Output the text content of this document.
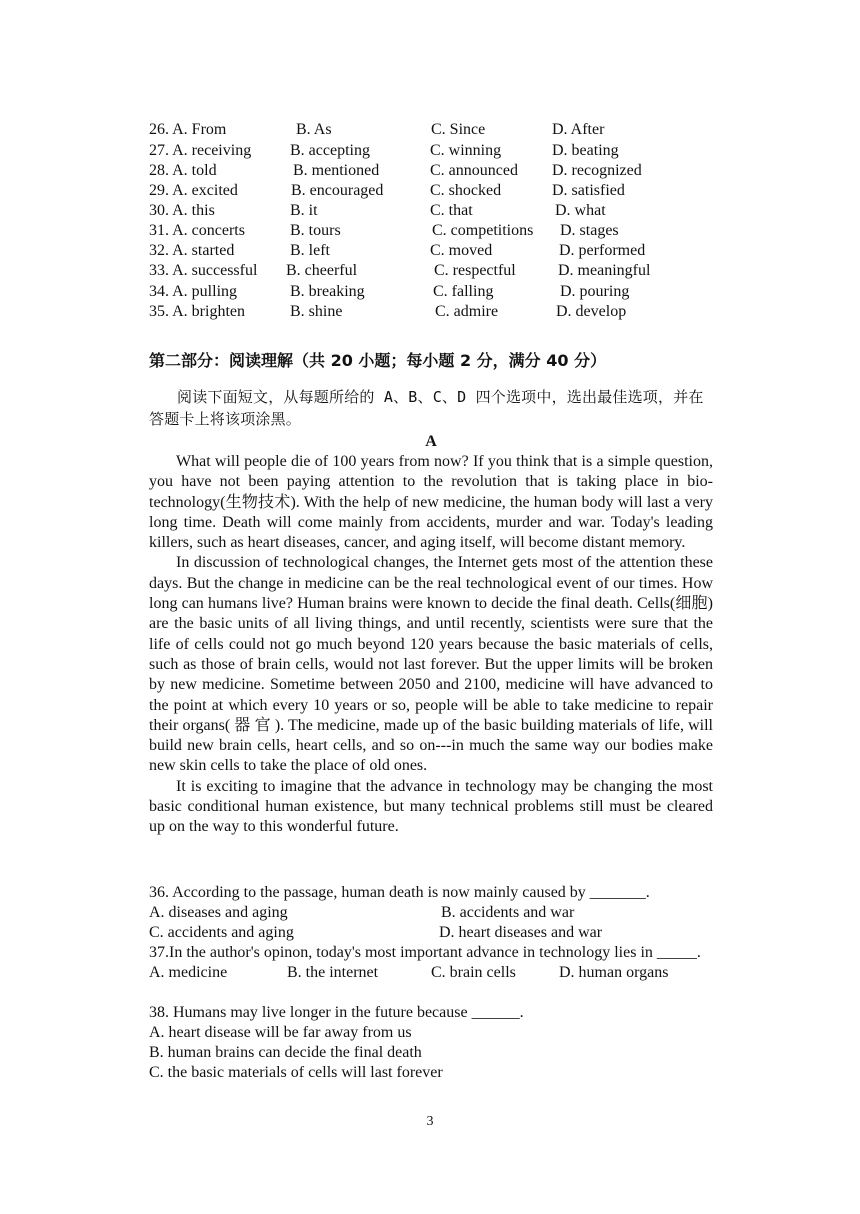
26. A. From	B. As	C. Since	D. After
27. A. receiving B. accepting	C. winning	D. beating
28. A. told	B. mentioned	C. announced D. recognized
29. A. excited	B. encouraged	C. shocked	D. satisfied
30. A. this	B. it	C. that	D. what
31. A. concerts	B. tours	C. competitions D. stages
32. A. started	B. left	C. moved	D. performed
33. A. successful B. cheerful	C. respectful	D. meaningful
34. A. pulling	B. breaking	C. falling	D. pouring
35. A. brighten	B. shine	C. admire	D. develop
第二部分：阅读理解（共 20 小题；每小题 2 分，满分 40 分）
阅读下面短文，从每题所给的 A、B、C、D 四个选项中，选出最佳选项，并在答题卡上将该项涂黑。
A

What will people die of 100 years from now? If you think that is a simple question, you have not been paying attention to the revolution that is taking place in bio-technology(生物技术). With the help of new medicine, the human body will last a very long time. Death will come mainly from accidents, murder and war. Today's leading killers, such as heart diseases, cancer, and aging itself, will become distant memory.

In discussion of technological changes, the Internet gets most of the attention these days. But the change in medicine can be the real technological event of our times. How long can humans live? Human brains were known to decide the final death. Cells(细胞) are the basic units of all living things, and until recently, scientists were sure that the life of cells could not go much beyond 120 years because the basic materials of cells, such as those of brain cells, would not last forever. But the upper limits will be broken by new medicine. Sometime between 2050 and 2100, medicine will have advanced to the point at which every 10 years or so, people will be able to take medicine to repair their organs( 器 官 ). The medicine, made up of the basic building materials of life, will build new brain cells, heart cells, and so on---in much the same way our bodies make new skin cells to take the place of old ones.

It is exciting to imagine that the advance in technology may be changing the most basic conditional human existence, but many technical problems still must be cleared up on the way to this wonderful future.

36. According to the passage, human death is now mainly caused by _______.
A. diseases and aging	B. accidents and war
C. accidents and aging	D. heart diseases and war
37.In the author's opinon, today's most important advance in technology lies in _____.
A. medicine	B. the internet	C. brain cells	D. human organs
38. Humans may live longer in the future because ______.
A. heart disease will be far away from us
B. human brains can decide the final death
C. the basic materials of cells will last forever
3
